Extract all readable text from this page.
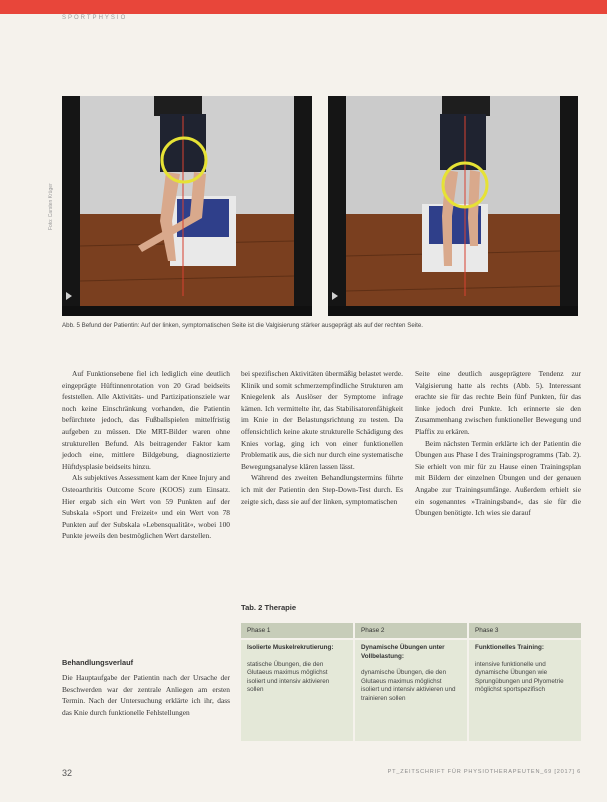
SPORTPHYSIO
Foto: Carsten Krüger
Abb. 5 Befund der Patientin: Auf der linken, symptomatischen Seite ist die Valgisierung stärker ausgeprägt als auf der rechten Seite.

Auf Funktionsebene fiel ich lediglich eine deutlich eingeprägte Hüftinnenrotation von 20 Grad beidseits feststellen. Alle Aktivitäts- und Partizipationsziele war noch keine Einschränkung vorhanden, die Patientin befürchtete jedoch, das Fußballspielen mittelfristig aufgeben zu müssen. Die MRT-Bilder waren ohne strukturellen Befund. Als beitragender Faktor kam jedoch eine, mittlere Bildgebung, diagnostizierte Hüftdysplasie beidseits hinzu.

Als subjektives Assessment kam der Knee Injury and Osteoarthritis Outcome Score (KOOS) zum Einsatz. Hier ergab sich ein Wert von 59 Punkten auf der Subskala »Sport und Freizeit« und ein Wert von 78 Punkten auf der Subskala »Lebensqualität«, wobei 100 Punkte jeweils den bestmöglichen Wert darstellen.

Behandlungsverlauf

Die Hauptaufgabe der Patientin nach der Ursache der Beschwerden war der zentrale Anliegen am ersten Termin. Nach der Untersuchung erklärte ich ihr, dass das Knie durch funktionelle Fehlstellungen

bei spezifischen Aktivitäten übermäßig belastet werde. Klinik und somit schmerzempfindliche Strukturen am Kniegelenk als Auslöser der Symptome infrage kämen. Ich vermittelte ihr, das Stabilisatorenfähigkeit im Knie in der Belastungsrichtung zu testen. Da offensichtlich keine akute strukturelle Schädigung des Knies vorlag, ging ich von einer funktionellen Problematik aus, die sich nur durch eine systematische Bewegungsanalyse klären lassen lässt.

Während des zweiten Behandlungstermins führte ich mit der Patientin den Step-Down-Test durch. Es zeigte sich, dass sie auf der linken, symptomatischen

Seite eine deutlich ausgeprägtere Tendenz zur Valgisierung hatte als rechts (Abb. 5). Interessant erachte sie für das rechte Bein fünf Punkten, für das linke jedoch drei Punkte. Ich erinnerte sie den Zusammenhang zwischen funktioneller Bewegung und Plaffix zu erkären.

Beim nächsten Termin erklärte ich der Patientin die Übungen aus Phase I des Trainingsprogramms (Tab. 2). Sie erhielt von mir für zu Hause einen Trainingsplan mit Bildern der einzelnen Übungen und der genauen Angabe zur Trainingsumfänge. Außerdem erhielt sie ein sogenanntes »Trainingsband«, das sie für die Übungen benötigte. Ich wies sie darauf

Tab. 2 Therapie
Phase 1
Isolierte Muskelrekrutierung:
statische Übungen, die den Glutaeus maximus möglichst isoliert und intensiv aktivieren sollen
Phase 2
Dynamische Übungen unter Vollbelastung:
dynamische Übungen, die den Glutaeus maximus möglichst isoliert und intensiv aktivieren und trainieren sollen
Phase 3
Funktionelles Training:
intensive funktionelle und dynamische Übungen wie Sprungübungen und Plyometrie möglichst sportspezifisch
32	PT_ZEITSCHRIFT FÜR PHYSIOTHERAPEUTEN_69 [2017] 6
